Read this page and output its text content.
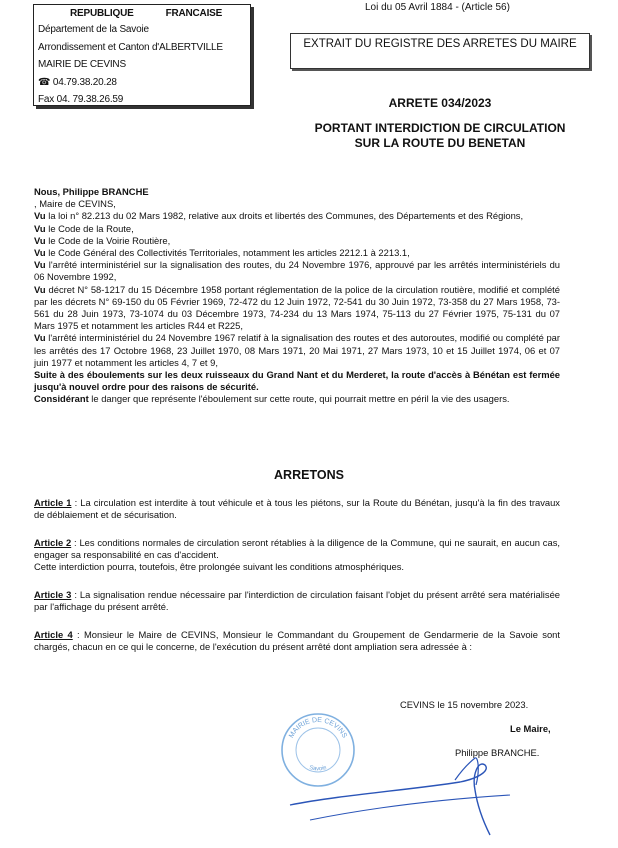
REPUBLIQUE	FRANCAISE
Département de la Savoie
Arrondissement et Canton d'ALBERTVILLE
MAIRIE DE CEVINS
☎ 04.79.38.20.28
Fax 04. 79.38.26.59
Loi du 05 Avril 1884 - (Article 56)
EXTRAIT DU REGISTRE DES ARRETES DU MAIRE
ARRETE 034/2023
PORTANT INTERDICTION DE CIRCULATION
SUR LA ROUTE DU BENETAN

Nous, Philippe BRANCHE

, Maire de CEVINS,

Vu la loi n° 82.213 du 02 Mars 1982, relative aux droits et libertés des Communes, des Départements et des Régions,

Vu le Code de la Route,

Vu le Code de la Voirie Routière,

Vu le Code Général des Collectivités Territoriales, notamment les articles 2212.1 à 2213.1,

Vu l'arrêté interministériel sur la signalisation des routes, du 24 Novembre 1976, approuvé par les arrêtés interministériels du 06 Novembre 1992,

Vu décret N° 58-1217 du 15 Décembre 1958 portant réglementation de la police de la circulation routière, modifié et complété par les décrets N° 69-150 du 05 Février 1969, 72-472 du 12 Juin 1972, 72-541 du 30 Juin 1972, 73-358 du 27 Mars 1958, 73-561 du 28 Juin 1973, 73-1074 du 03 Décembre 1973, 74-234 du 13 Mars 1974, 75-113 du 27 Février 1975, 75-131 du 07 Mars 1975 et notamment les articles R44 et R225,

Vu l'arrêté interministériel du 24 Novembre 1967 relatif à la signalisation des routes et des autoroutes, modifié ou complété par les arrêtés des 17 Octobre 1968, 23 Juillet 1970, 08 Mars 1971, 20 Mai 1971, 27 Mars 1973, 10 et 15 Juillet 1974, 06 et 07 juin 1977 et notamment les articles 4, 7 et 9,

Suite à des éboulements sur les deux ruisseaux du Grand Nant et du Merderet, la route d'accès à Bénétan est fermée jusqu'à nouvel ordre pour des raisons de sécurité.

Considérant le danger que représente l'éboulement sur cette route, qui pourrait mettre en péril la vie des usagers.

ARRETONS
Article 1 : La circulation est interdite à tout véhicule et à tous les piétons, sur la Route du Bénétan, jusqu'à la fin des travaux de déblaiement et de sécurisation.
Article 2 : Les conditions normales de circulation seront rétablies à la diligence de la Commune, qui ne saurait, en aucun cas, engager sa responsabilité en cas d'accident.
Cette interdiction pourra, toutefois, être prolongée suivant les conditions atmosphériques.
Article 3 : La signalisation rendue nécessaire par l'interdiction de circulation faisant l'objet du présent arrêté sera matérialisée par l'affichage du présent arrêté.
Article 4 : Monsieur le Maire de CEVINS, Monsieur le Commandant du Groupement de Gendarmerie de la Savoie sont chargés, chacun en ce qui le concerne, de l'exécution du présent arrêté dont ampliation sera adressée à :
CEVINS le 15 novembre 2023.
Le Maire,
Philippe BRANCHE.
MAIRIE DE CEVINS
Savoie
